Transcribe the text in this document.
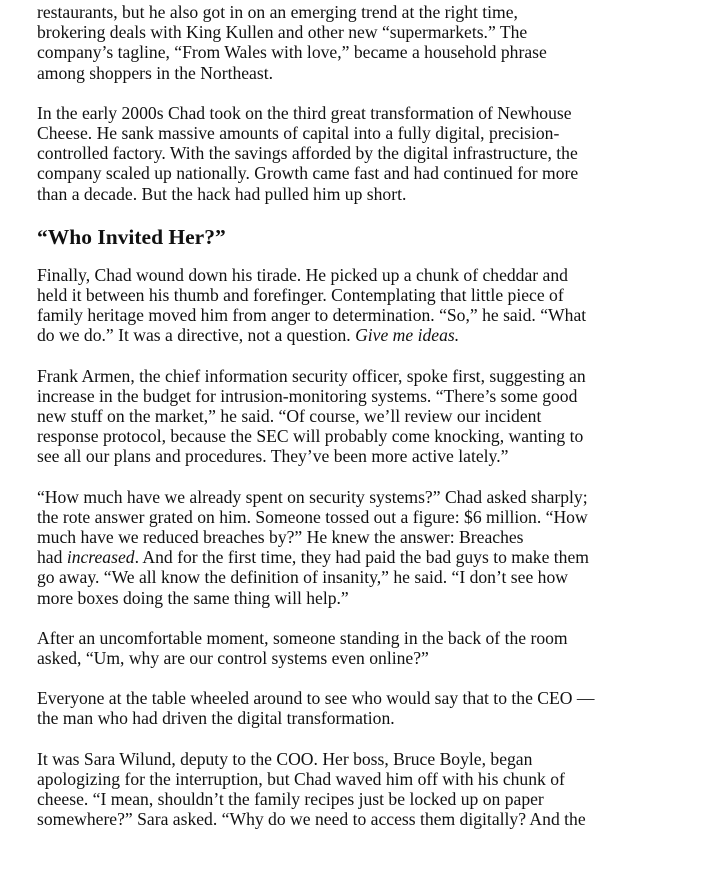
restaurants, but he also got in on an emerging trend at the right time,
brokering deals with King Kullen and other new “supermarkets.” The
company’s tagline, “From Wales with love,” became a household phrase
among shoppers in the Northeast.

In the early 2000s Chad took on the third great transformation of Newhouse
Cheese. He sank massive amounts of capital into a fully digital, precision-
controlled factory. With the savings afforded by the digital infrastructure, the
company scaled up nationally. Growth came fast and had continued for more
than a decade. But the hack had pulled him up short.

“Who Invited Her?”

Finally, Chad wound down his tirade. He picked up a chunk of cheddar and
held it between his thumb and forefinger. Contemplating that little piece of
family heritage moved him from anger to determination. “So,” he said. “What
do we do.” It was a directive, not a question. Give me ideas.

Frank Armen, the chief information security officer, spoke first, suggesting an
increase in the budget for intrusion-monitoring systems. “There’s some good
new stuff on the market,” he said. “Of course, we’ll review our incident
response protocol, because the SEC will probably come knocking, wanting to
see all our plans and procedures. They’ve been more active lately.”

“How much have we already spent on security systems?” Chad asked sharply;
the rote answer grated on him. Someone tossed out a figure: $6 million. “How
much have we reduced breaches by?” He knew the answer: Breaches
had increased. And for the first time, they had paid the bad guys to make them
go away. “We all know the definition of insanity,” he said. “I don’t see how
more boxes doing the same thing will help.”

After an uncomfortable moment, someone standing in the back of the room
asked, “Um, why are our control systems even online?”

Everyone at the table wheeled around to see who would say that to the CEO —
the man who had driven the digital transformation.

It was Sara Wilund, deputy to the COO. Her boss, Bruce Boyle, began
apologizing for the interruption, but Chad waved him off with his chunk of
cheese. “I mean, shouldn’t the family recipes just be locked up on paper
somewhere?” Sara asked. “Why do we need to access them digitally? And the
